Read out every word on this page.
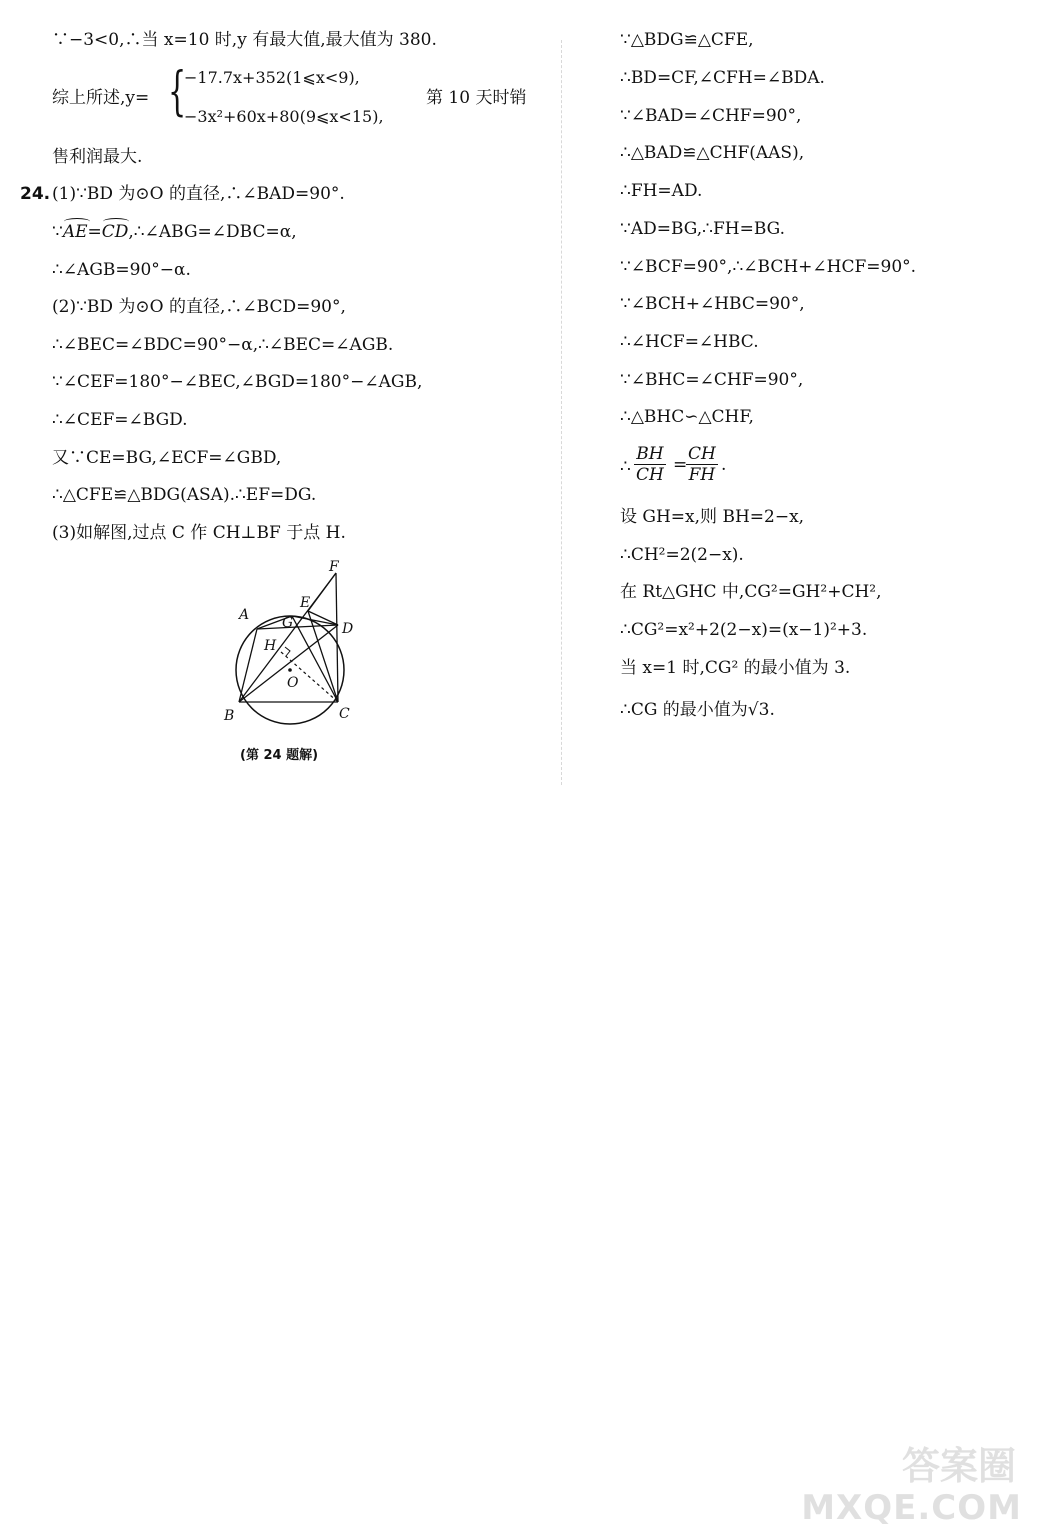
∵−3<0,∴当 x=10 时,y 有最大值,最大值为 380.
综上所述,y= {
−17.7x+352(1⩽x<9),
−3x²+60x+80(9⩽x<15),
第 10 天时销
售利润最大.
24. (1)∵BD 为⊙O 的直径,∴∠BAD=90°.
∵
AE=
CD,∴∠ABG=∠DBC=α,
∴∠AGB=90°−α.
(2)∵BD 为⊙O 的直径,∴∠BCD=90°,
∴∠BEC=∠BDC=90°−α,∴∠BEC=∠AGB.
∵∠CEF=180°−∠BEC,∠BGD=180°−∠AGB,
∴∠CEF=∠BGD.
又∵CE=BG,∠ECF=∠GBD,
∴△CFE≌△BDG(ASA).∴EF=DG.
(3)如解图,过点 C 作 CH⊥BF 于点 H.
A
B	C
D
E
F
G
H
O
(第 24 题解)
∵△BDG≌△CFE,
∴BD=CF,∠CFH=∠BDA.
∵∠BAD=∠CHF=90°,
∴△BAD≌△CHF(AAS),
∴FH=AD.
∵AD=BG,∴FH=BG.
∵∠BCF=90°,∴∠BCH+∠HCF=90°.
∵∠BCH+∠HBC=90°,
∴∠HCF=∠HBC.
∵∠BHC=∠CHF=90°,
∴△BHC∽△CHF,
∴ $\frac{BH}{CH}$ =
$\frac{CH}{FH}$ .
设 GH=x,则 BH=2−x,
∴CH²=2(2−x).
在 Rt△GHC 中,CG²=GH²+CH²,
∴CG²=x²+2(2−x)=(x−1)²+3.
当 x=1 时,CG² 的最小值为 3.
∴CG 的最小值为√3.
答案圈
MXQE.COM
